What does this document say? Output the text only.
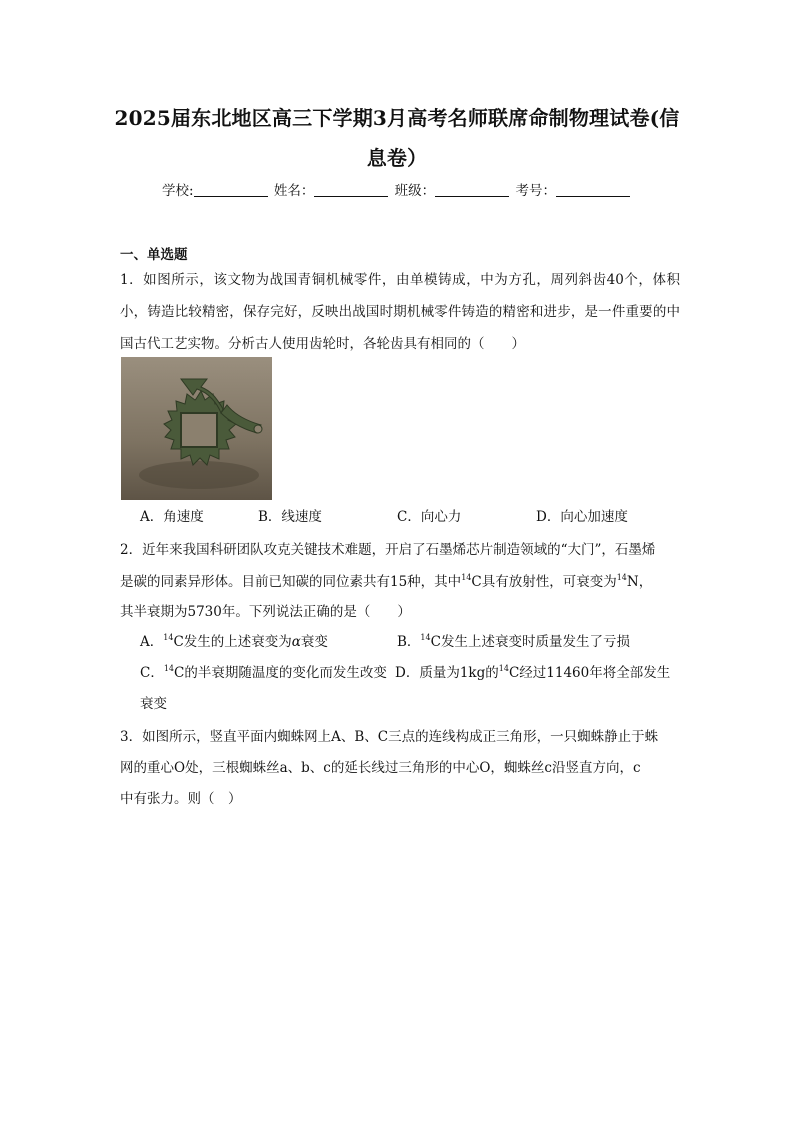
2025届东北地区高三下学期3月高考名师联席命制物理试卷(信
息卷）
学校:	姓名：	班级：	考号：
一、单选题
1．如图所示，该文物为战国青铜机械零件，由单模铸成，中为方孔，周列斜齿40个，体积小，铸造比较精密，保存完好，反映出战国时期机械零件铸造的精密和进步，是一件重要的中国古代工艺实物。分析古人使用齿轮时，各轮齿具有相同的（　　）
A．角速度	B．线速度	C．向心力	D．向心加速度
2．近年来我国科研团队攻克关键技术难题，开启了石墨烯芯片制造领域的“大门”，石墨烯
是碳的同素异形体。目前已知碳的同位素共有15种，其中$^{14}$C具有放射性，可衰变为$^{14}$N，
其半衰期为5730年。下列说法正确的是（　　）
A．$^{14}$C发生的上述衰变为α衰变	B．$^{14}$C发生上述衰变时质量发生了亏损
C．$^{14}$C的半衰期随温度的变化而发生改变 D．质量为1kg的$^{14}$C经过11460年将全部发生
衰变
3．如图所示，竖直平面内蜘蛛网上A、B、C三点的连线构成正三角形，一只蜘蛛静止于蛛
网的重心O处，三根蜘蛛丝a、b、c的延长线过三角形的中心O，蜘蛛丝c沿竖直方向，c
中有张力。则（　）
